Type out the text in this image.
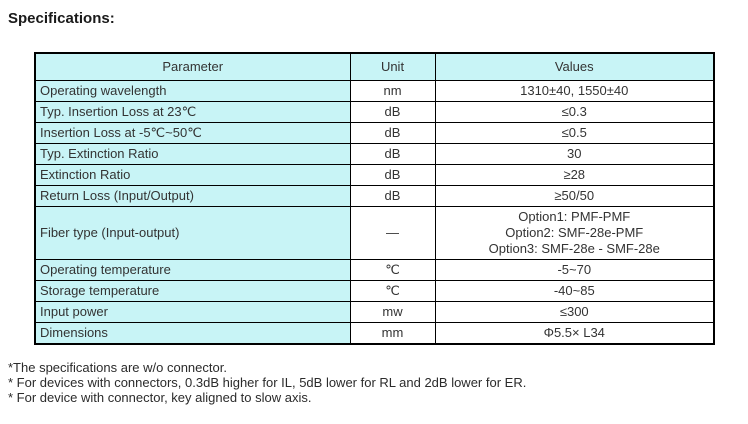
Specifications:
Parameter	Unit	Values
Operating wavelength	nm	1310±40, 1550±40

Typ. Insertion Loss at 23℃	dB	≤0.3

Insertion Loss at -5℃~50℃	dB	≤0.5

Typ. Extinction Ratio	dB	30

Extinction Ratio	dB	≥28

Return Loss (Input/Output)	dB	≥50/50

Fiber type (Input-output)	—	Option1: PMF-PMF
Option2: SMF-28e-PMF
Option3: SMF-28e - SMF-28e

Operating temperature	℃	-5~70

Storage temperature	℃	-40~85

Input power	mw	≤300

Dimensions	mm	Φ5.5× L34
*The specifications are w/o connector.
* For devices with connectors, 0.3dB higher for IL, 5dB lower for RL and 2dB lower for ER.
* For device with connector, key aligned to slow axis.
